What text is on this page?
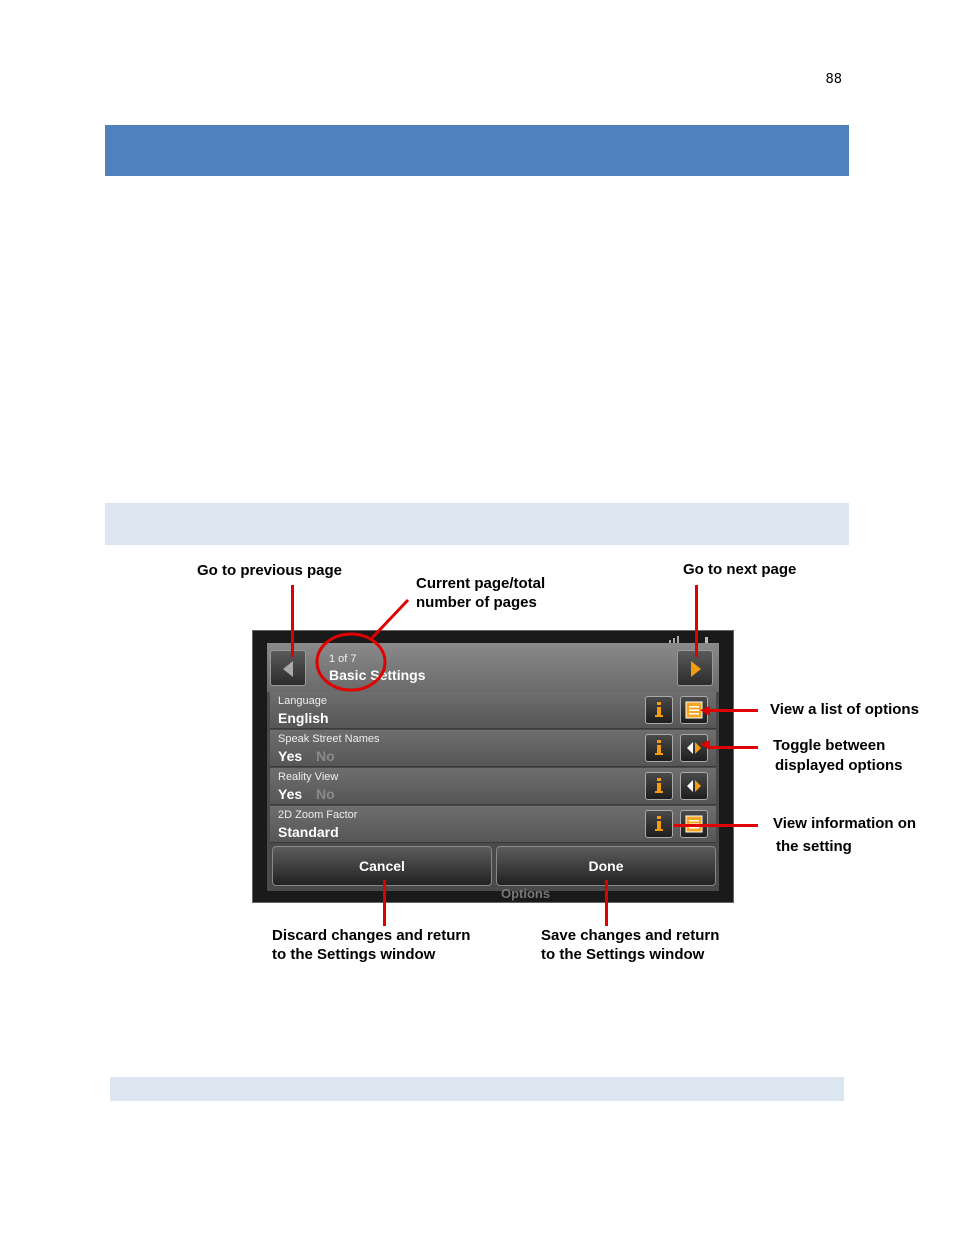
88
Go to previous page
Current page/total
number of pages
Go to next page
View a list of options
Toggle between
displayed options
View information on
the setting
Discard changes and return
to the Settings window
Save changes and return
to the Settings window
1 of 7
Basic Settings
Language
English
Speak Street Names
Yes No
Reality View
Yes No
2D Zoom Factor
Standard
Cancel	Done
Options
